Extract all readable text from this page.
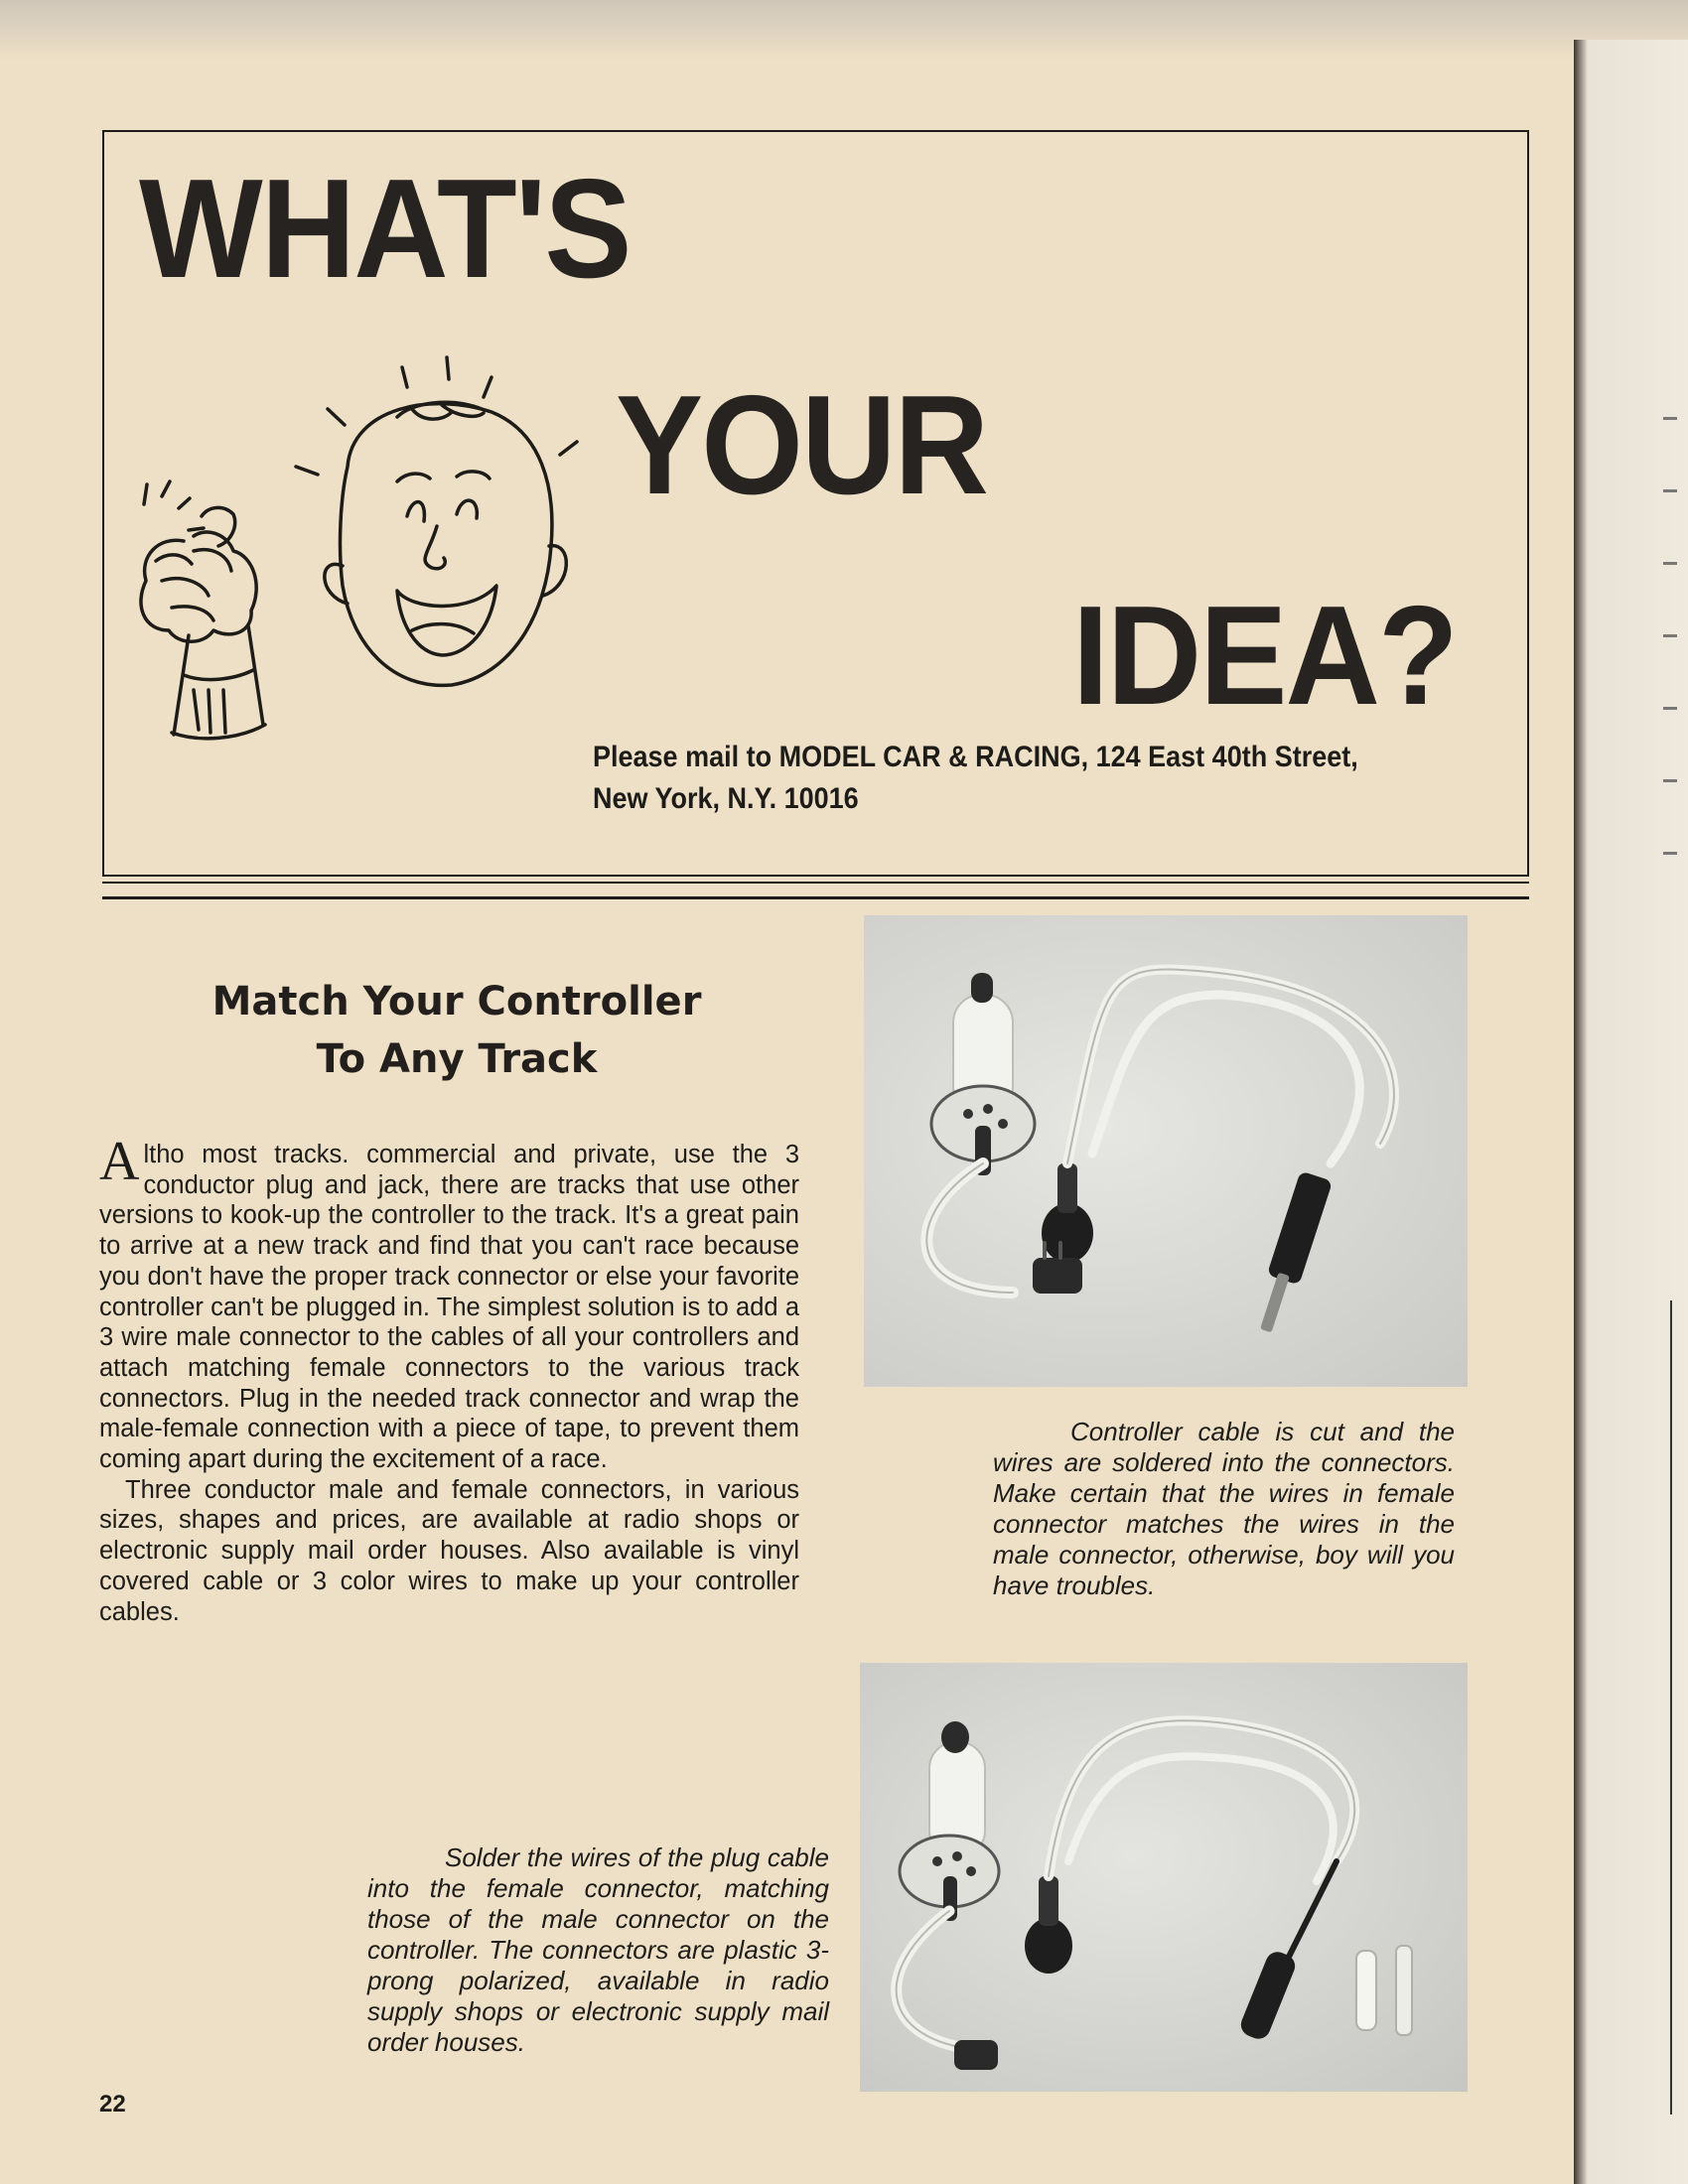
WHAT'S
YOUR
IDEA?
Please mail to MODEL CAR & RACING, 124 East 40th Street,
New York, N.Y. 10016
Match Your Controller
To Any Track

Altho most tracks. commercial and private, use the 3 conductor plug and jack, there are tracks that use other versions to kook-up the controller to the track. It's a great pain to arrive at a new track and find that you can't race because you don't have the proper track connector or else your favorite controller can't be plugged in. The simplest solution is to add a 3 wire male connector to the cables of all your controllers and attach matching female connectors to the various track connectors. Plug in the needed track connector and wrap the male-female connection with a piece of tape, to prevent them coming apart during the excitement of a race.

Three conductor male and female connectors, in various sizes, shapes and prices, are available at radio shops or electronic supply mail order houses. Also available is vinyl covered cable or 3 color wires to make up your controller cables.

Controller cable is cut and the wires are soldered into the connectors. Make certain that the wires in female connector matches the wires in the male connector, otherwise, boy will you have troubles.
Solder the wires of the plug cable into the female connector, matching those of the male connector on the controller. The connectors are plastic 3-prong polarized, available in radio supply shops or electronic supply mail order houses.
22
